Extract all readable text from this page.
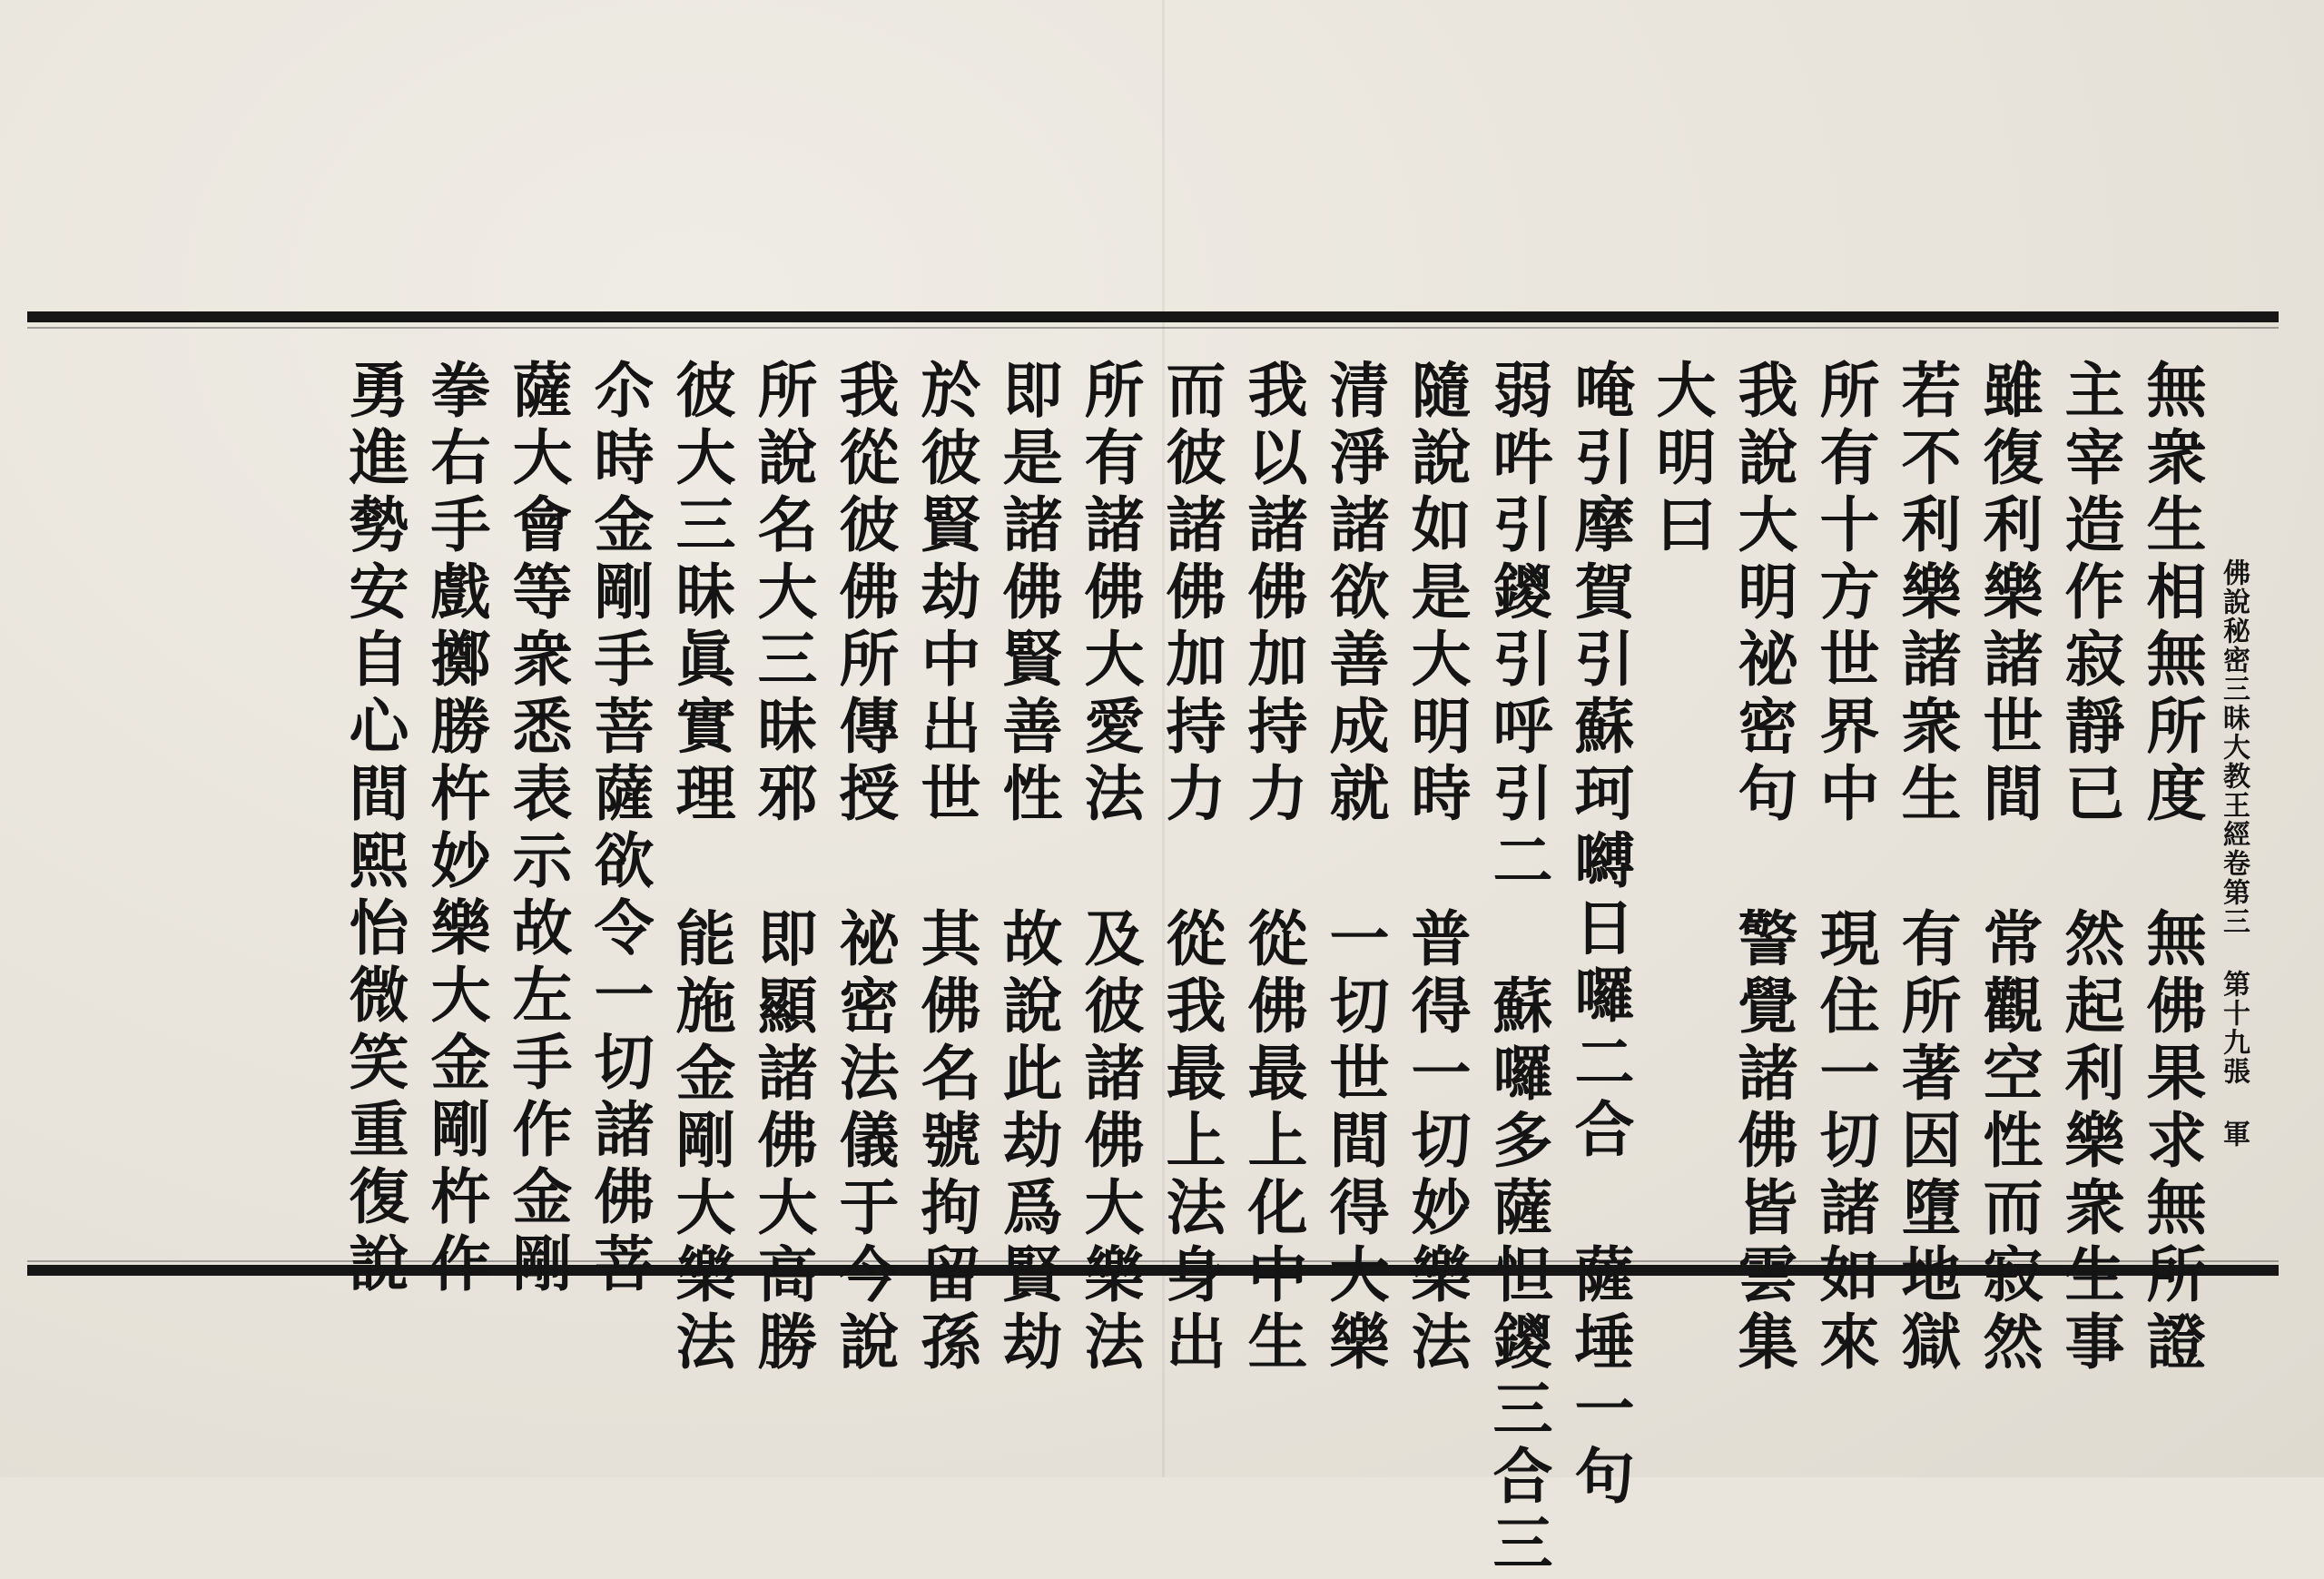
佛說秘密三昧大教王經卷第三 第十九張 軍
無衆生相無所度 無佛果求無所證
主宰造作寂靜已 然起利樂衆生事
雖復利樂諸世間 常觀空性而寂然
若不利樂諸衆生 有所著因墮地獄
所有十方世界中 現住一切諸如來
我說大明祕密句 警覺諸佛皆雲集
大明曰
唵引摩賀引蘇珂嚩日囉二合 薩埵一句
弱吽引鑁引呼引二 蘇囉多薩怛鑁三合三
隨說如是大明時 普得一切妙樂法
清淨諸欲善成就 一切世間得大樂
我以諸佛加持力 從佛最上化中生
而彼諸佛加持力 從我最上法身出
所有諸佛大愛法 及彼諸佛大樂法
即是諸佛賢善性 故說此劫爲賢劫
於彼賢劫中出世 其佛名號拘留孫
我從彼佛所傳授 祕密法儀于今說
所說名大三昧邪 即顯諸佛大高勝
彼大三昧眞實理 能施金剛大樂法
尒時金剛手菩薩欲令一切諸佛菩
薩大會等衆悉表示故左手作金剛
拳右手戲擲勝杵妙樂大金剛杵作
勇進勢安自心間熙怡微笑重復說
